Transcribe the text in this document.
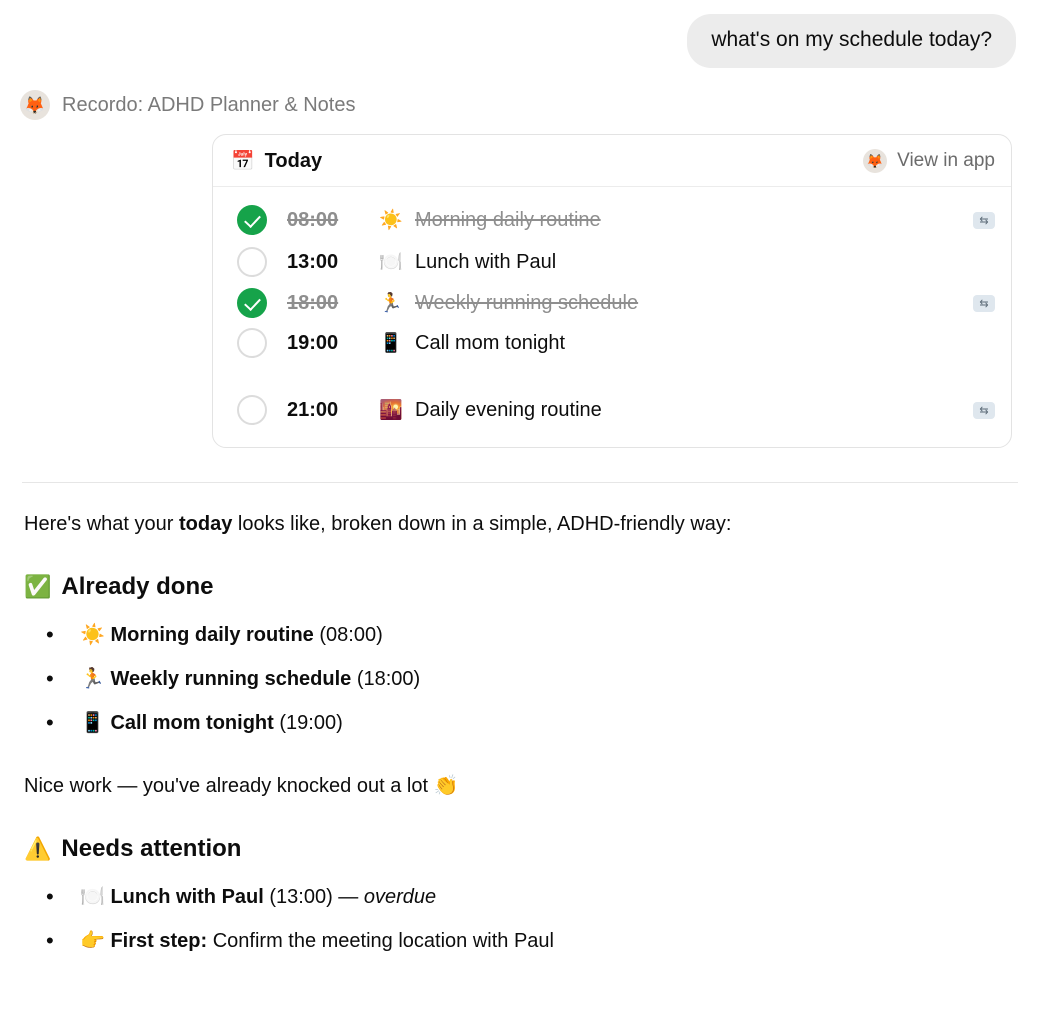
what's on my schedule today?
🦊 Recordo: ADHD Planner & Notes
📅 Today	🦊 View in app
08:00	☀️ Morning daily routine	⇆
13:00	🍽️ Lunch with Paul
18:00	🏃 Weekly running schedule	⇆
19:00	📱 Call mom tonight
21:00	🌇 Daily evening routine	⇆

Here's what your today looks like, broken down in a simple, ADHD-friendly way:

✅ Already done
• ☀️ Morning daily routine (08:00)
• 🏃 Weekly running schedule (18:00)
• 📱 Call mom tonight (19:00)

Nice work — you've already knocked out a lot 👏

⚠️ Needs attention
• 🍽️ Lunch with Paul (13:00) — overdue
• 👉 First step: Confirm the meeting location with Paul
